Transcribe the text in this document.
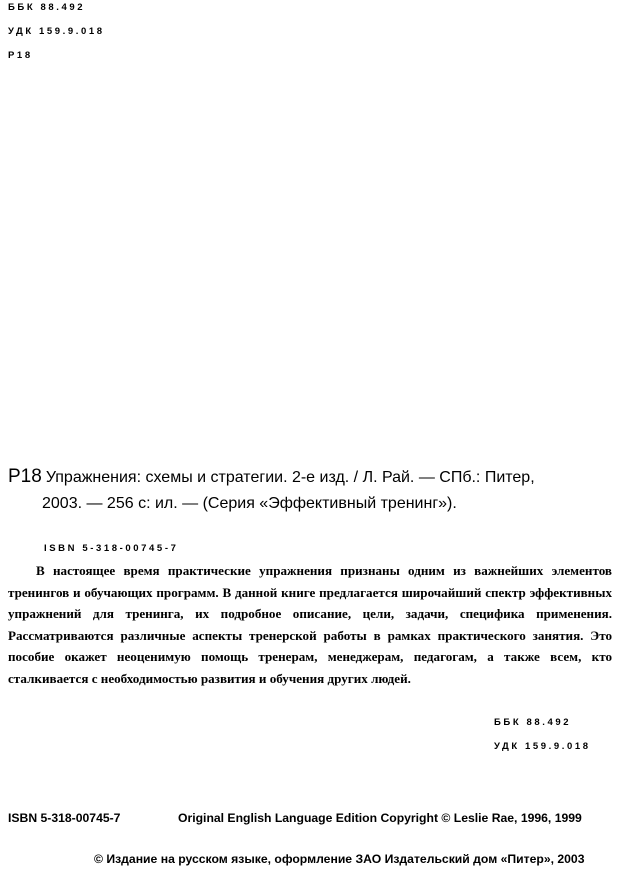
ББК 88.492
УДК 159.9.018
Р18
Р18 Упражнения: схемы и стратегии. 2-е изд. / Л. Рай. — СПб.: Питер,
2003. — 256 с: ил. — (Серия «Эффективный тренинг»).
ISBN 5-318-00745-7
В настоящее время практические упражнения признаны одним из важнейших элементов тренингов и обучающих программ. В данной книге предлагается широчайший спектр эффективных упражнений для тренинга, их подробное описание, цели, задачи, специфика применения. Рассматриваются различные аспекты тренерской работы в рамках практического занятия. Это пособие окажет неоценимую помощь тренерам, менеджерам, педагогам, а также всем, кто сталкивается с необходимостью развития и обучения других людей.
ББК 88.492
УДК 159.9.018
ISBN 5-318-00745-7	Original English Language Edition Copyright © Leslie Rae, 1996, 1999
© Издание на русском языке, оформление ЗАО Издательский дом «Питер», 2003
